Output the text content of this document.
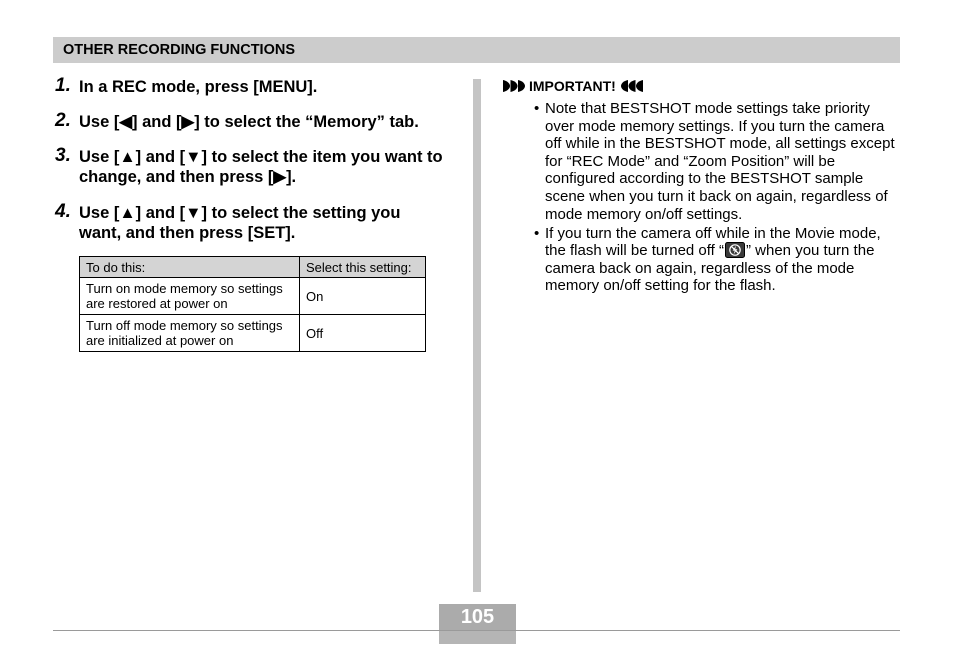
OTHER RECORDING FUNCTIONS
1. In a REC mode, press [MENU].
2. Use [◀] and [▶] to select the “Memory” tab.
3. Use [▲] and [▼] to select the item you want to
change, and then press [▶].
4. Use [▲] and [▼] to select the setting you
want, and then press [SET].
To do this:	Select this setting:

Turn on mode memory so settings
are restored at power on	On

Turn off mode memory so settings
are initialized at power on	Off
IMPORTANT!
• Note that BESTSHOT mode settings take priority
over mode memory settings. If you turn the camera
off while in the BESTSHOT mode, all settings except
for “REC Mode” and “Zoom Position” will be
configured according to the BESTSHOT sample
scene when you turn it back on again, regardless of
mode memory on/off settings.
• If you turn the camera off while in the Movie mode,
the flash will be turned off “ ” when you turn the
camera back on again, regardless of the mode
memory on/off setting for the flash.
105
